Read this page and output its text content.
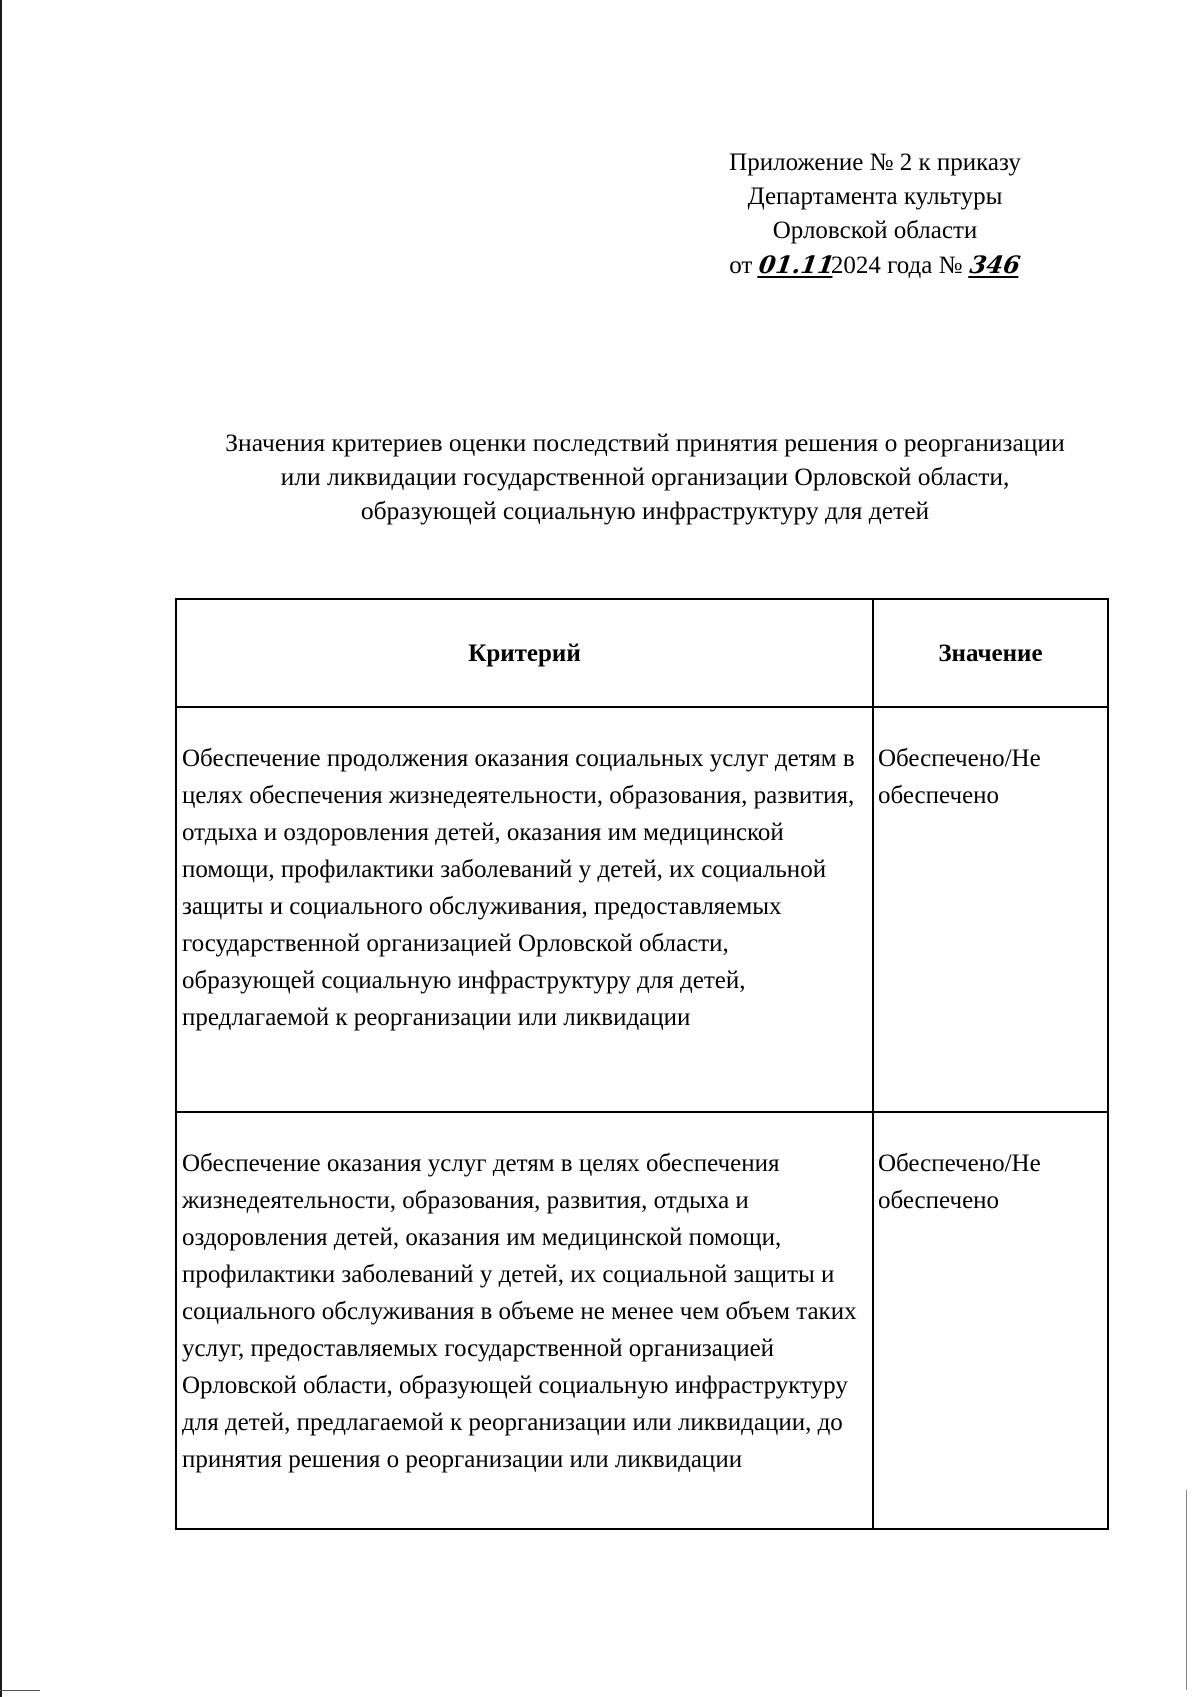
Приложение № 2 к приказу
Департамента культуры
Орловской области
от 01.11 2024 года № 346
Значения критериев оценки последствий принятия решения о реорганизации
или ликвидации государственной организации Орловской области,
образующей социальную инфраструктуру для детей
Критерий	Значение

Обеспечение продолжения оказания социальных услуг детям в целях обеспечения жизнедеятельности, образования, развития, отдыха и оздоровления детей, оказания им медицинской помощи, профилактики заболеваний у детей, их социальной защиты и социального обслуживания, предоставляемых государственной организацией Орловской области, образующей социальную инфраструктуру для детей, предлагаемой к реорганизации или ликвидации	Обеспечено/Не обеспечено

Обеспечение оказания услуг детям в целях обеспечения жизнедеятельности, образования, развития, отдыха и оздоровления детей, оказания им медицинской помощи, профилактики заболеваний у детей, их социальной защиты и социального обслуживания в объеме не менее чем объем таких услуг, предоставляемых государственной организацией Орловской области, образующей социальную инфраструктуру для детей, предлагаемой к реорганизации или ликвидации, до принятия решения о реорганизации или ликвидации	Обеспечено/Не обеспечено
